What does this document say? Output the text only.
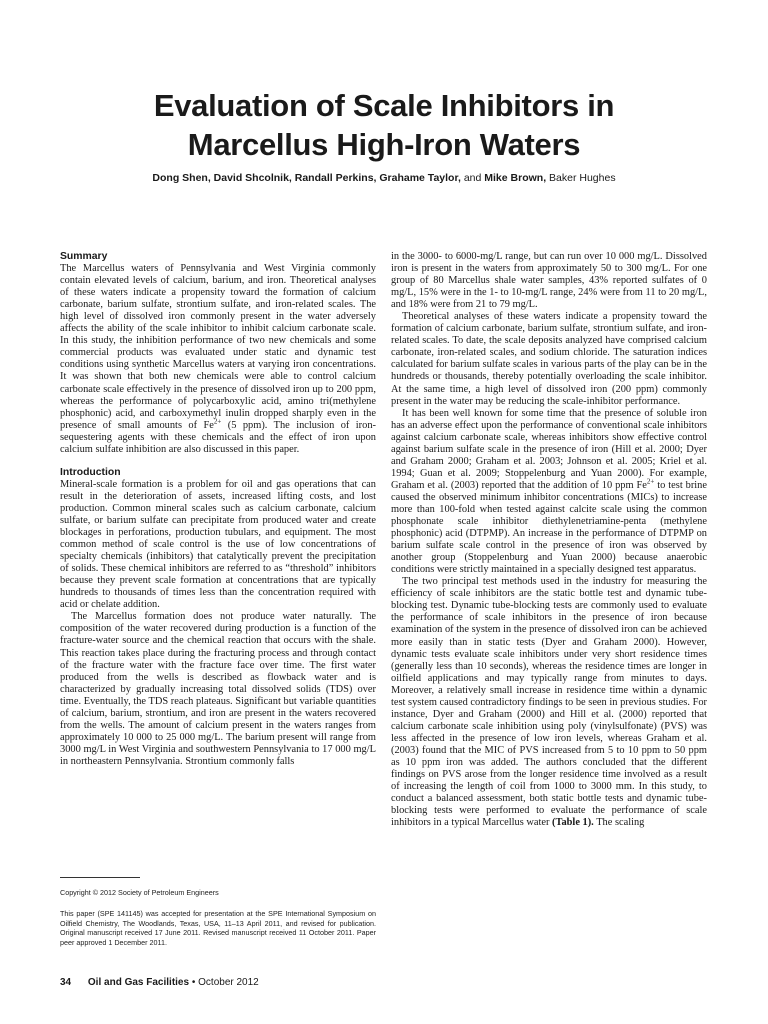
Evaluation of Scale Inhibitors in
Marcellus High-Iron Waters
Dong Shen, David Shcolnik, Randall Perkins, Grahame Taylor, and Mike Brown, Baker Hughes

Summary

The Marcellus waters of Pennsylvania and West Virginia commonly contain elevated levels of calcium, barium, and iron. Theoretical analyses of these waters indicate a propensity toward the formation of calcium carbonate, barium sulfate, strontium sulfate, and iron-related scales. The high level of dissolved iron commonly present in the water adversely affects the ability of the scale inhibitor to inhibit calcium carbonate scale. In this study, the inhibition performance of two new chemicals and some commercial products was evaluated under static and dynamic test conditions using synthetic Marcellus waters at varying iron concentrations. It was shown that both new chemicals were able to control calcium carbonate scale effectively in the presence of dissolved iron up to 200 ppm, whereas the performance of polycarboxylic acid, amino tri(methylene phosphonic) acid, and carboxymethyl inulin dropped sharply even in the presence of small amounts of $Fe^{2+}$ (5 ppm). The inclusion of iron-sequestering agents with these chemicals and the effect of iron upon calcium sulfate inhibition are also discussed in this paper.

Introduction

Mineral-scale formation is a problem for oil and gas operations that can result in the deterioration of assets, increased lifting costs, and lost production. Common mineral scales such as calcium carbonate, calcium sulfate, or barium sulfate can precipitate from produced water and create blockages in perforations, production tubulars, and equipment. The most common method of scale control is the use of low concentrations of specialty chemicals (inhibitors) that catalytically prevent the precipitation of solids. These chemical inhibitors are referred to as “threshold” inhibitors because they prevent scale formation at concentrations that are typically hundreds to thousands of times less than the concentration required with acid or chelate addition.

The Marcellus formation does not produce water naturally. The composition of the water recovered during production is a function of the fracture-water source and the chemical reaction that occurs with the shale. This reaction takes place during the fracturing process and through contact of the fracture water with the fracture face over time. The first water produced from the wells is described as flowback water and is characterized by gradually increasing total dissolved solids (TDS) over time. Eventually, the TDS reach plateaus. Significant but variable quantities of calcium, barium, strontium, and iron are present in the waters recovered from the wells. The amount of calcium present in the waters ranges from approximately 10 000 to 25 000 mg/L. The barium present will range from 3000 mg/L in West Virginia and southwestern Pennsylvania to 17 000 mg/L in northeastern Pennsylvania. Strontium commonly falls

in the 3000- to 6000-mg/L range, but can run over 10 000 mg/L. Dissolved iron is present in the waters from approximately 50 to 300 mg/L. For one group of 80 Marcellus shale water samples, 43% reported sulfates of 0 mg/L, 15% were in the 1- to 10-mg/L range, 24% were from 11 to 20 mg/L, and 18% were from 21 to 79 mg/L.

Theoretical analyses of these waters indicate a propensity toward the formation of calcium carbonate, barium sulfate, strontium sulfate, and iron-related scales. To date, the scale deposits analyzed have comprised calcium carbonate, iron-related scales, and sodium chloride. The saturation indices calculated for barium sulfate scales in various parts of the play can be in the hundreds or thousands, thereby potentially overloading the scale inhibitor. At the same time, a high level of dissolved iron (200 ppm) commonly present in the water may be reducing the scale-inhibitor performance.

It has been well known for some time that the presence of soluble iron has an adverse effect upon the performance of conventional scale inhibitors against calcium carbonate scale, whereas inhibitors show effective control against barium sulfate scale in the presence of iron (Hill et al. 2000; Dyer and Graham 2000; Graham et al. 2003; Johnson et al. 2005; Kriel et al. 1994; Guan et al. 2009; Stoppelenburg and Yuan 2000). For example, Graham et al. (2003) reported that the addition of 10 ppm $Fe^{2+}$ to test brine caused the observed minimum inhibitor concentrations (MICs) to increase more than 100-fold when tested against calcite scale using the common phosphonate scale inhibitor diethylenetriamine-penta (methylene phosphonic) acid (DTPMP). An increase in the performance of DTPMP on barium sulfate scale control in the presence of iron was observed by another group (Stoppelenburg and Yuan 2000) because anaerobic conditions were strictly maintained in a specially designed test apparatus.

The two principal test methods used in the industry for measuring the efficiency of scale inhibitors are the static bottle test and dynamic tube-blocking test. Dynamic tube-blocking tests are commonly used to evaluate the performance of scale inhibitors in the presence of iron because examination of the system in the presence of dissolved iron can be achieved more easily than in static tests (Dyer and Graham 2000). However, dynamic tests evaluate scale inhibitors under very short residence times (generally less than 10 seconds), whereas the residence times are longer in oilfield applications and may typically range from minutes to days. Moreover, a relatively small increase in residence time within a dynamic test system caused contradictory findings to be seen in previous studies. For instance, Dyer and Graham (2000) and Hill et al. (2000) reported that calcium carbonate scale inhibition using poly (vinylsulfonate) (PVS) was less affected in the presence of low iron levels, whereas Graham et al. (2003) found that the MIC of PVS increased from 5 to 10 ppm to 50 ppm as 10 ppm iron was added. The authors concluded that the different findings on PVS arose from the longer residence time involved as a result of increasing the length of coil from 1000 to 3000 mm. In this study, to conduct a balanced assessment, both static bottle tests and dynamic tube-blocking tests were performed to evaluate the performance of scale inhibitors in a typical Marcellus water (Table 1). The scaling

Copyright © 2012 Society of Petroleum Engineers
This paper (SPE 141145) was accepted for presentation at the SPE International Symposium on Oilfield Chemistry, The Woodlands, Texas, USA, 11–13 April 2011, and revised for publication. Original manuscript received 17 June 2011. Revised manuscript received 11 October 2011. Paper peer approved 1 December 2011.
34 Oil and Gas Facilities • October 2012
